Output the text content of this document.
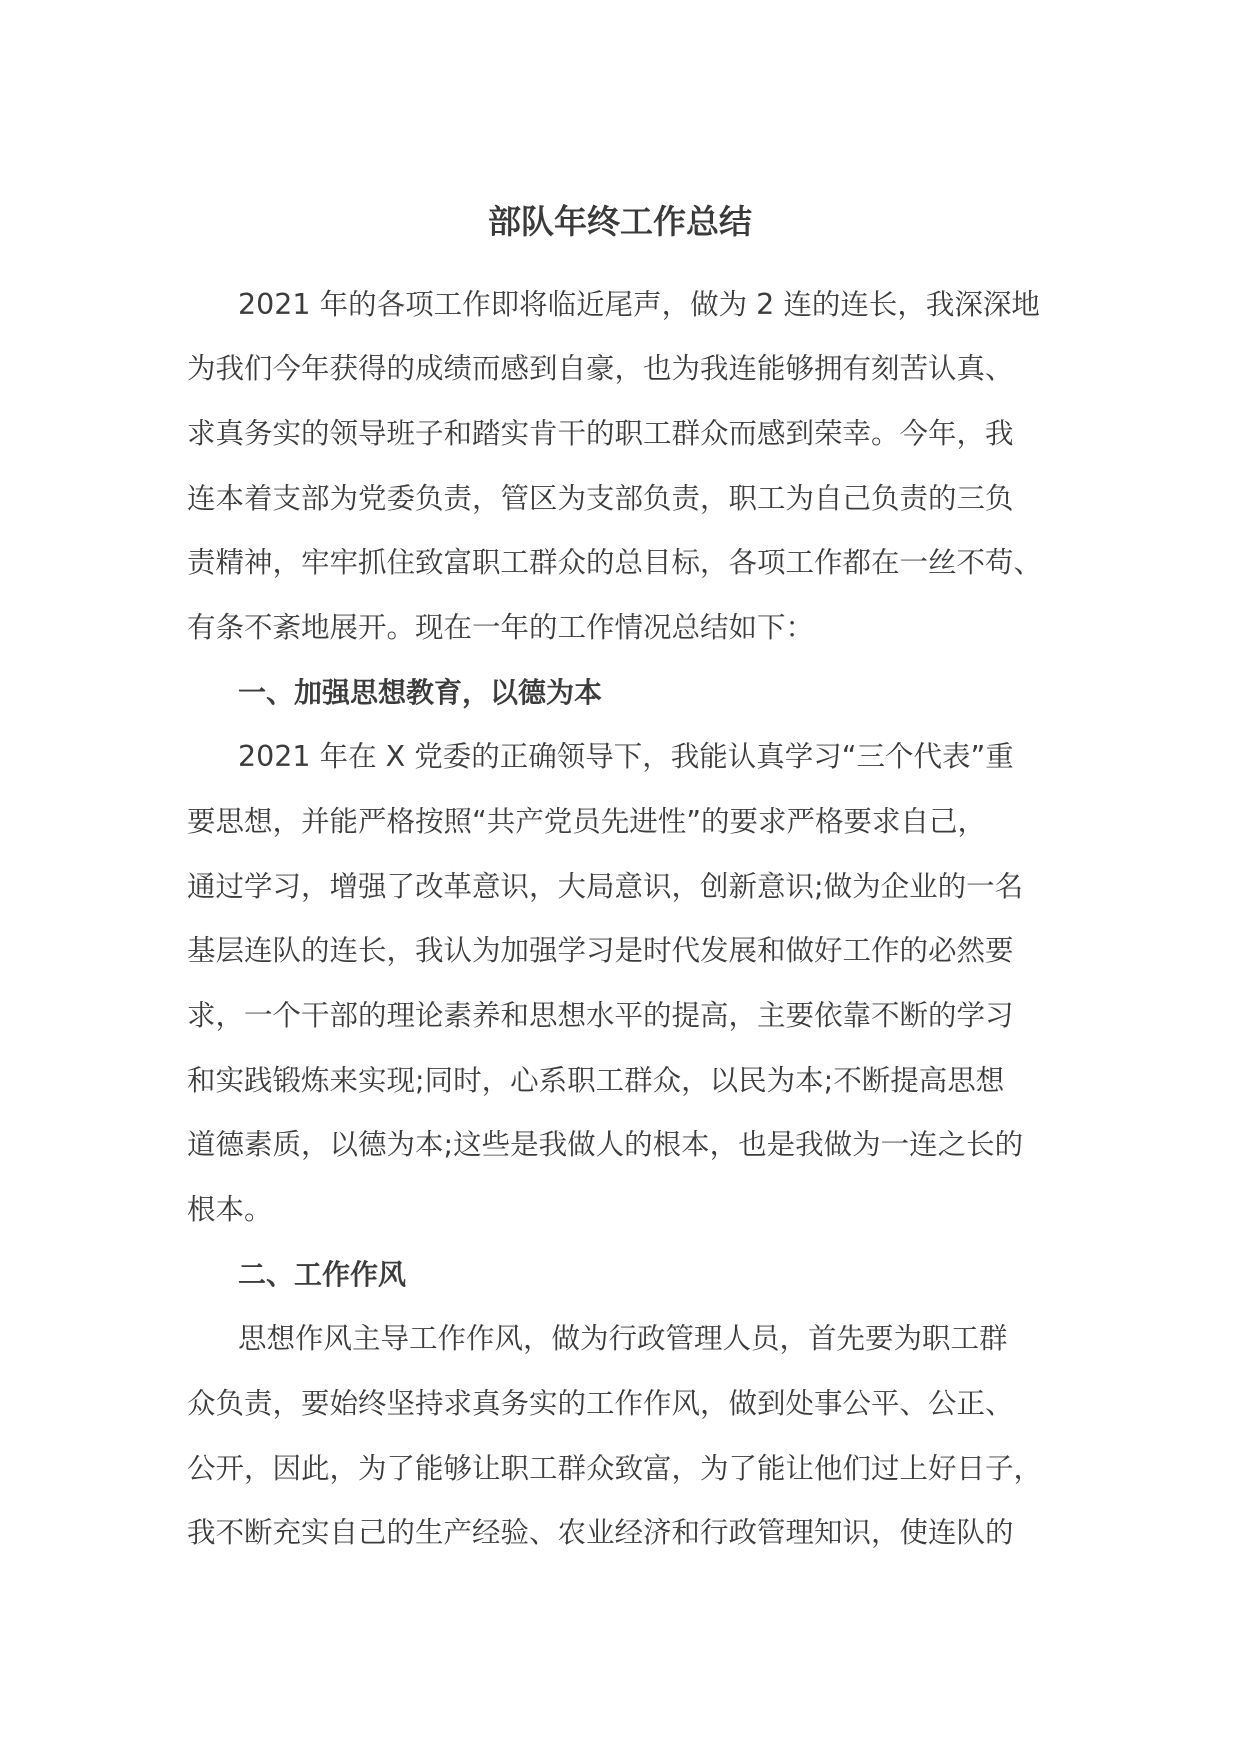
部队年终工作总结

2021 年的各项工作即将临近尾声，做为 2 连的连长，我深深地

为我们今年获得的成绩而感到自豪，也为我连能够拥有刻苦认真、

求真务实的领导班子和踏实肯干的职工群众而感到荣幸。今年，我

连本着支部为党委负责，管区为支部负责，职工为自己负责的三负

责精神，牢牢抓住致富职工群众的总目标，各项工作都在一丝不苟、

有条不紊地展开。现在一年的工作情况总结如下：

一、加强思想教育，以德为本

2021 年在 X 党委的正确领导下，我能认真学习“三个代表”重

要思想，并能严格按照“共产党员先进性”的要求严格要求自己，

通过学习，增强了改革意识，大局意识，创新意识;做为企业的一名

基层连队的连长，我认为加强学习是时代发展和做好工作的必然要

求，一个干部的理论素养和思想水平的提高，主要依靠不断的学习

和实践锻炼来实现;同时，心系职工群众，以民为本;不断提高思想

道德素质，以德为本;这些是我做人的根本，也是我做为一连之长的

根本。

二、工作作风

思想作风主导工作作风，做为行政管理人员，首先要为职工群

众负责，要始终坚持求真务实的工作作风，做到处事公平、公正、

公开，因此，为了能够让职工群众致富，为了能让他们过上好日子，

我不断充实自己的生产经验、农业经济和行政管理知识，使连队的
